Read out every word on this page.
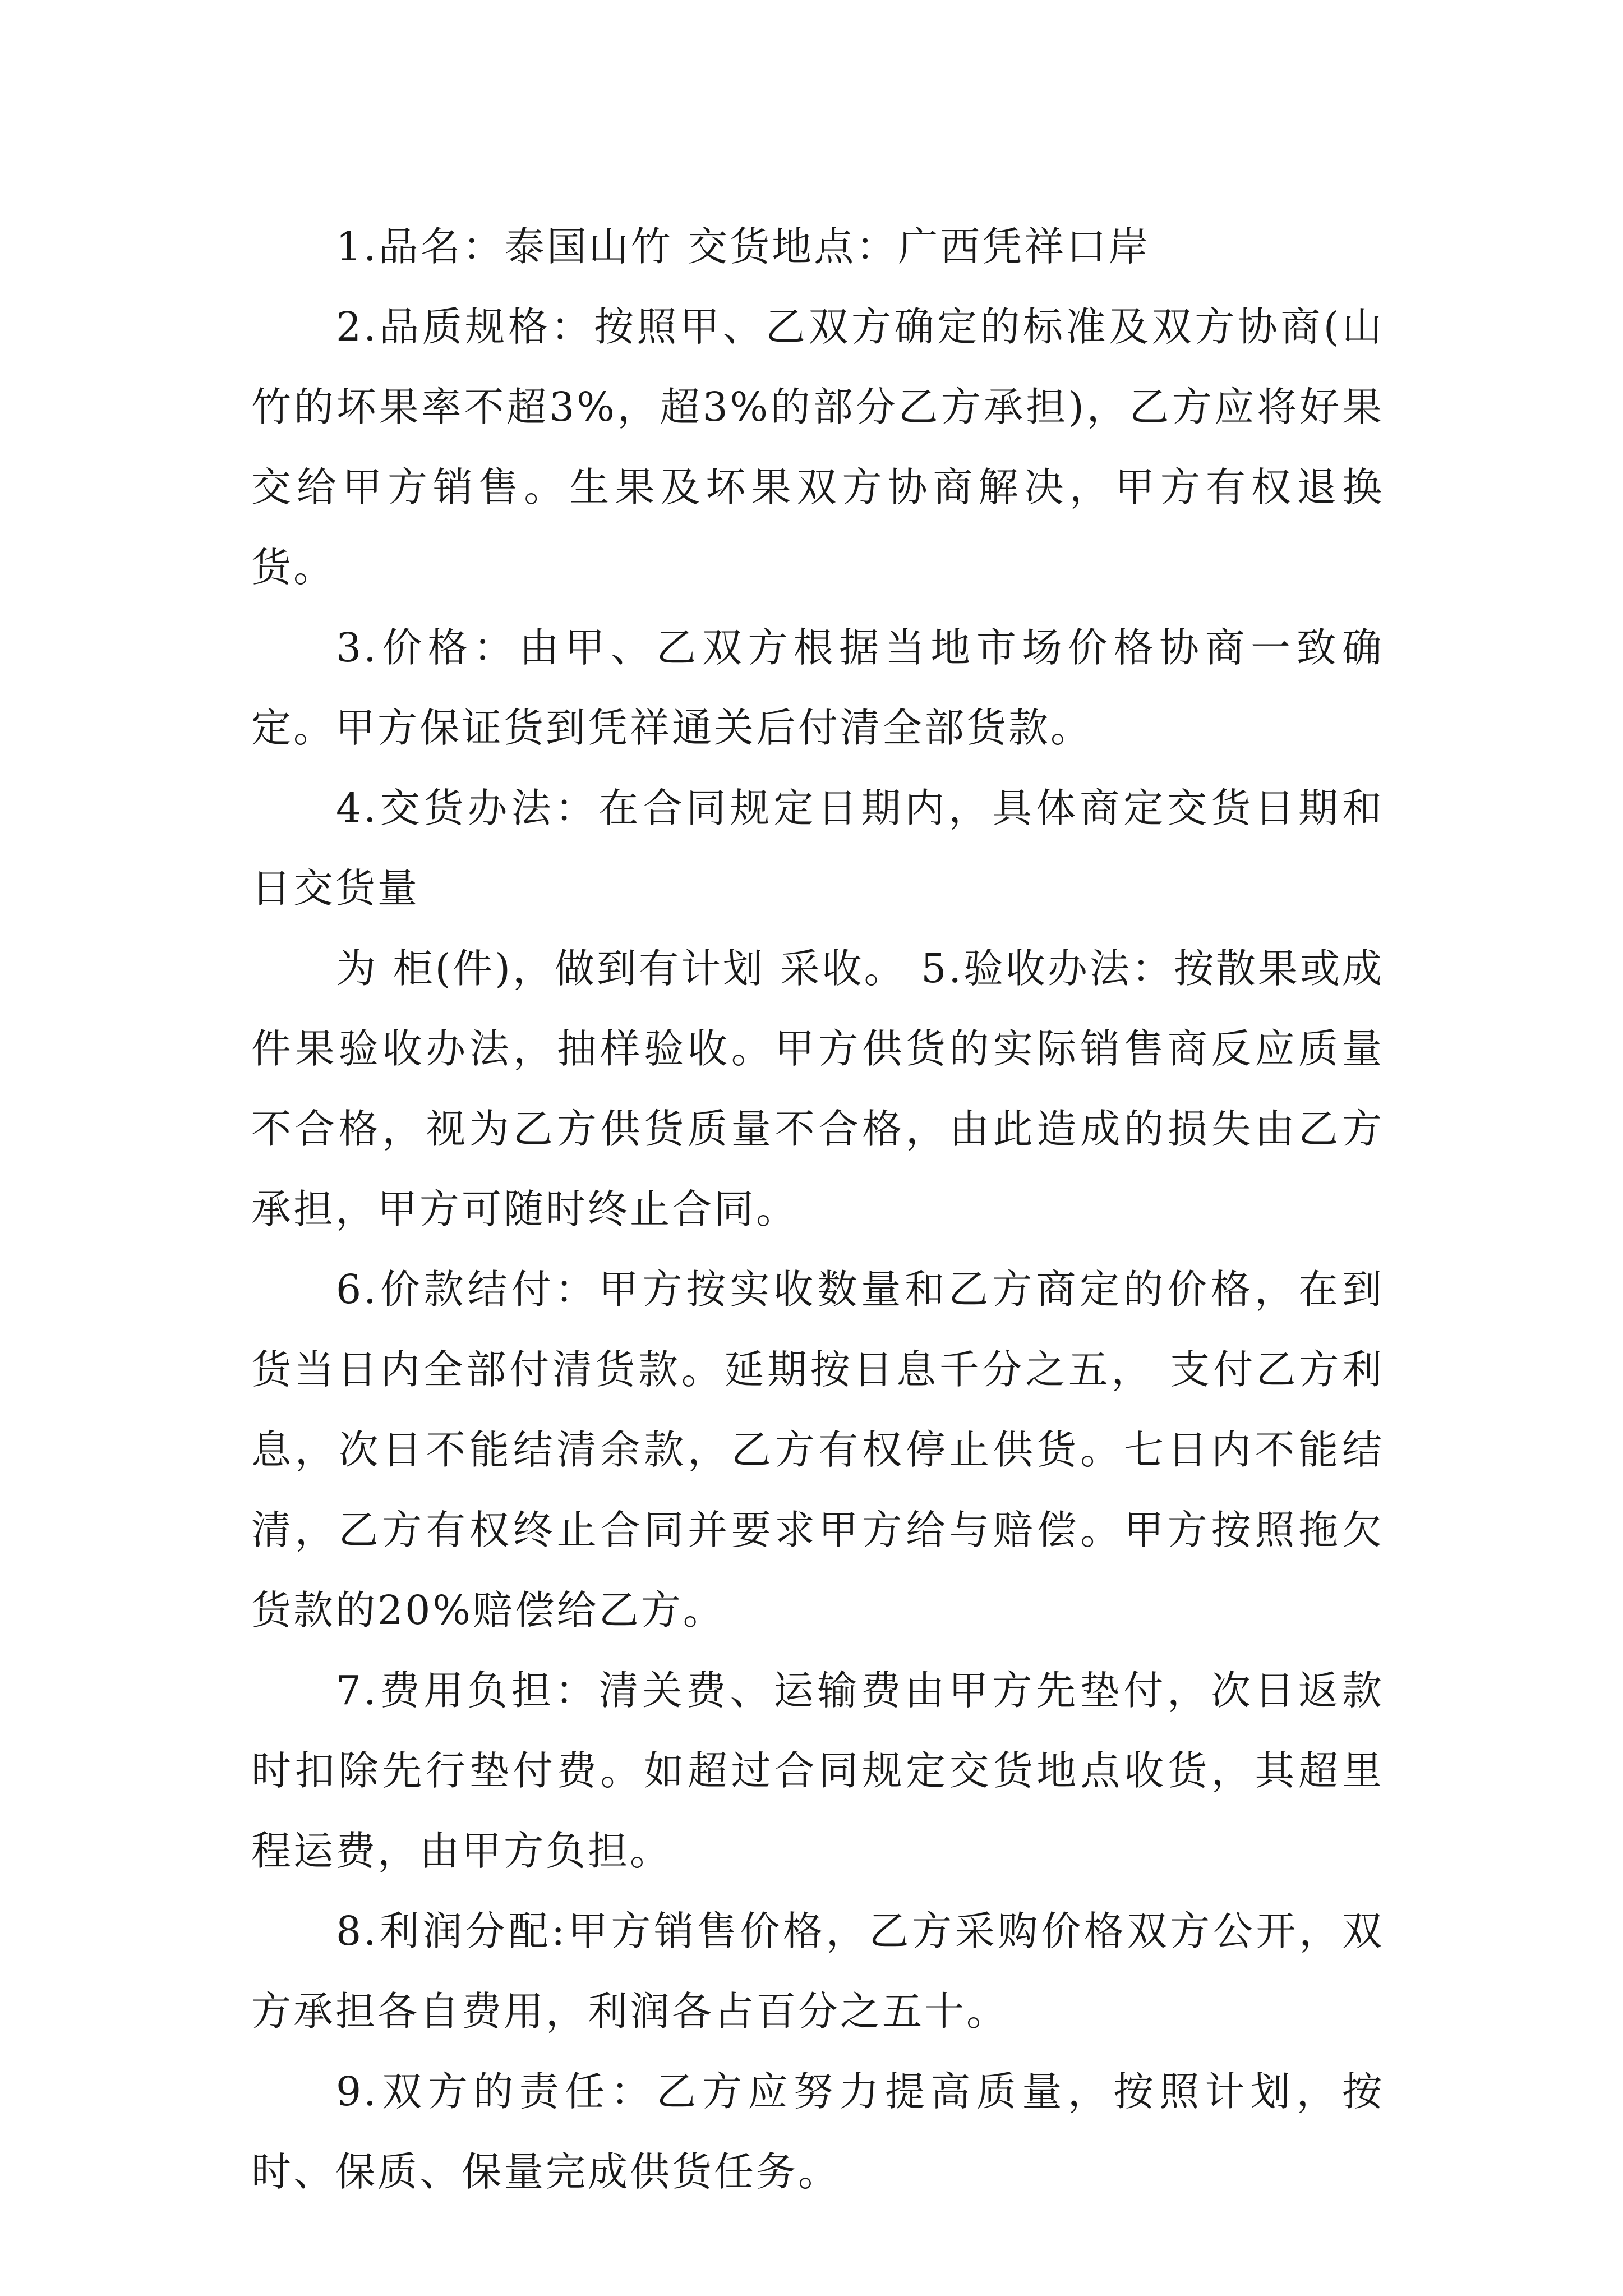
1.品名：泰国山竹 交货地点：广西凭祥口岸

2.品质规格：按照甲、乙双方确定的标准及双方协商(山竹的坏果率不超3%，超3%的部分乙方承担)，乙方应将好果交给甲方销售。生果及坏果双方协商解决，甲方有权退换货。

3.价格：由甲、乙双方根据当地市场价格协商一致确定。甲方保证货到凭祥通关后付清全部货款。

4.交货办法：在合同规定日期内，具体商定交货日期和日交货量

为 柜(件)，做到有计划 采收。 5.验收办法：按散果或成件果验收办法，抽样验收。甲方供货的实际销售商反应质量不合格，视为乙方供货质量不合格，由此造成的损失由乙方承担，甲方可随时终止合同。

6.价款结付：甲方按实收数量和乙方商定的价格，在到货当日内全部付清货款。延期按日息千分之五， 支付乙方利息，次日不能结清余款，乙方有权停止供货。七日内不能结清，乙方有权终止合同并要求甲方给与赔偿。甲方按照拖欠货款的20%赔偿给乙方。

7.费用负担：清关费、运输费由甲方先垫付，次日返款时扣除先行垫付费。如超过合同规定交货地点收货，其超里程运费，由甲方负担。

8.利润分配:甲方销售价格，乙方采购价格双方公开，双方承担各自费用，利润各占百分之五十。

9.双方的责任：乙方应努力提高质量，按照计划，按时、保质、保量完成供货任务。
